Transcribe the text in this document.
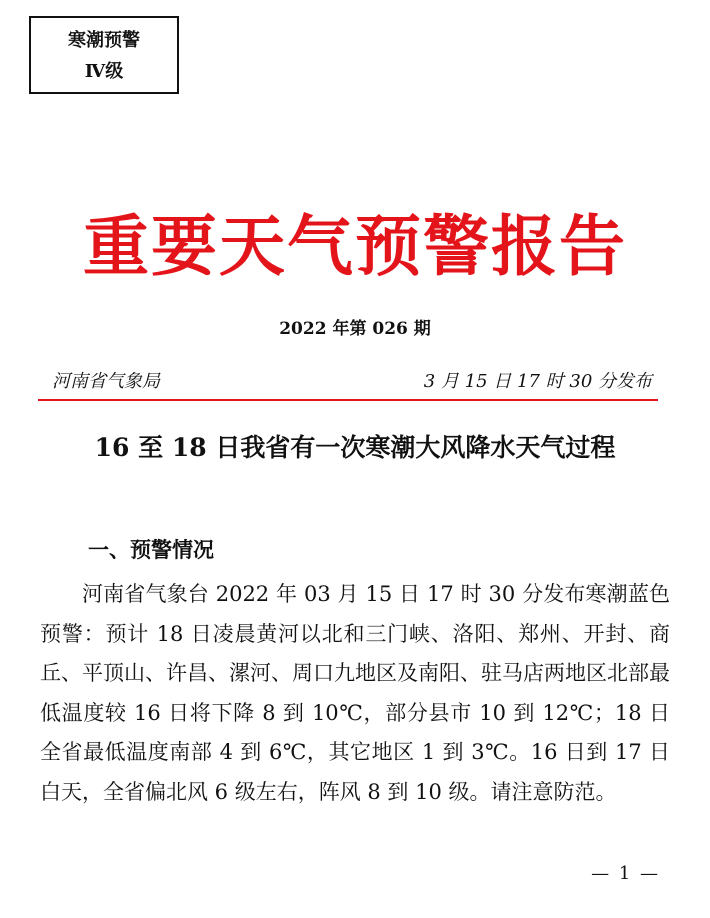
寒潮预警
Ⅳ级
重要天气预警报告
2022 年第 026 期
河南省气象局	3 月 15 日 17 时 30 分发布
16 至 18 日我省有一次寒潮大风降水天气过程
一、预警情况

河南省气象台 2022 年 03 月 15 日 17 时 30 分发布寒潮蓝色预警：预计 18 日凌晨黄河以北和三门峡、洛阳、郑州、开封、商丘、平顶山、许昌、漯河、周口九地区及南阳、驻马店两地区北部最低温度较 16 日将下降 8 到 10℃，部分县市 10 到 12℃；18 日全省最低温度南部 4 到 6℃，其它地区 1 到 3℃。16 日到 17 日白天，全省偏北风 6 级左右，阵风 8 到 10 级。请注意防范。

— 1 —
